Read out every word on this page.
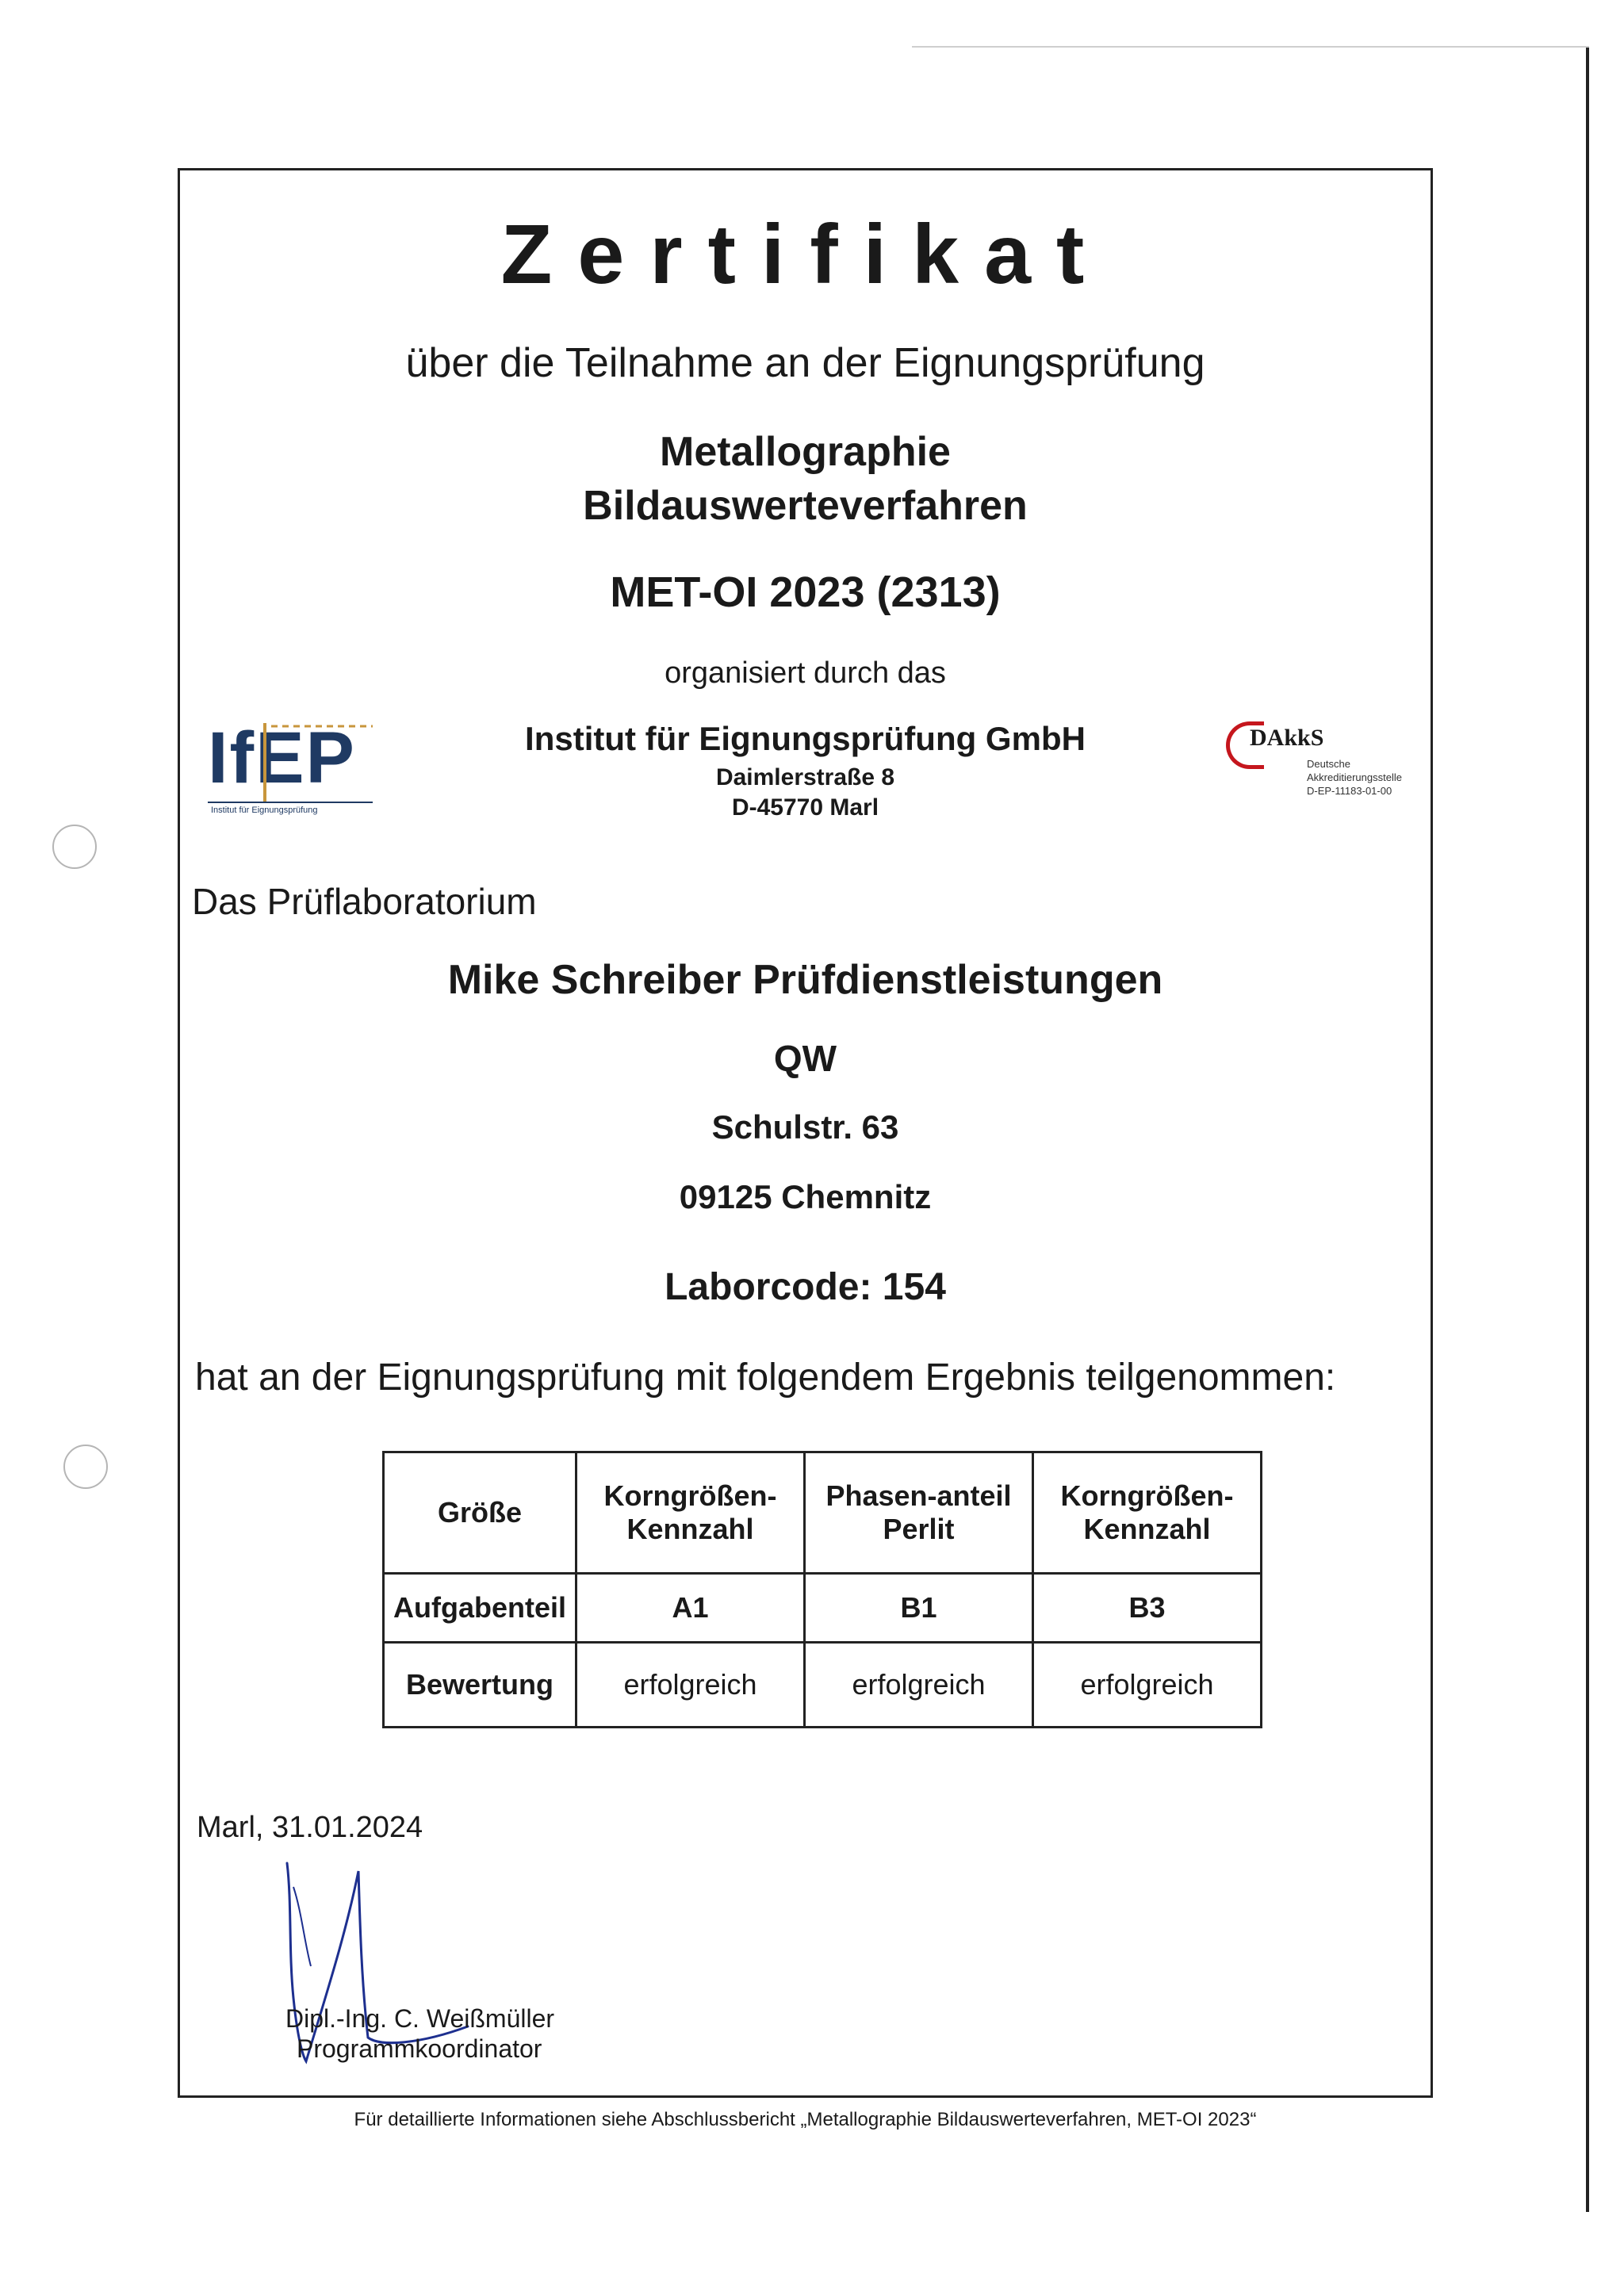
Zertifikat
über die Teilnahme an der Eignungsprüfung
Metallographie
Bildauswerteverfahren
MET-OI 2023 (2313)
organisiert durch das
IfEP
Institut für Eignungsprüfung
Institut für Eignungsprüfung GmbH
Daimlerstraße 8
D-45770 Marl
DAkkS
Deutsche
Akkreditierungsstelle
D-EP-11183-01-00
Das Prüflaboratorium
Mike Schreiber Prüfdienstleistungen
QW
Schulstr. 63
09125 Chemnitz
Laborcode: 154
hat an der Eignungsprüfung mit folgendem Ergebnis teilgenommen:
Größe	Korngrößen-Kennzahl	Phasen-anteil Perlit	Korngrößen-Kennzahl
Aufgabenteil	A1	B1	B3
Bewertung	erfolgreich	erfolgreich	erfolgreich
Marl, 31.01.2024
Dipl.-Ing. C. Weißmüller
Programmkoordinator
Für detaillierte Informationen siehe Abschlussbericht „Metallographie Bildauswerteverfahren, MET-OI 2023“
